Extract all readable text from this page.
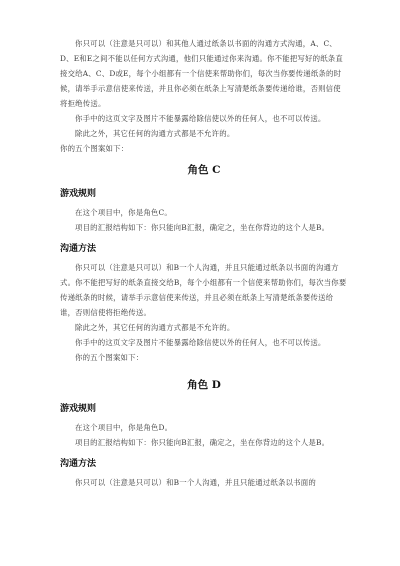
你只可以（注意是只可以）和其他人通过纸条以书面的沟通方式沟通，A、C、D、E和E之间不能以任何方式沟通，他们只能通过你来沟通。你不能把写好的纸条直接交给A、C、D或E，每个小组都有一个信使来帮助你们，每次当你要传递纸条的时候，请举手示意信使来传送，并且你必须在纸条上写清楚纸条要传递给谁，否则信使将拒绝传送。

你手中的这页文字及图片不能暴露给除信使以外的任何人，也不可以传送。

除此之外，其它任何的沟通方式都是不允许的。

你的五个图案如下：

角色 C
游戏规则

在这个项目中，你是角色C。

项目的汇报结构如下：你只能向B汇报，确定之，坐在你背边的这个人是B。

沟通方法

你只可以（注意是只可以）和B一个人沟通，并且只能通过纸条以书面的沟通方式。你不能把写好的纸条直接交给B，每个小组都有一个信使来帮助你们，每次当你要传递纸条的时候，请举手示意信使来传送，并且必须在纸条上写清楚纸条要传送给谁，否则信使将拒绝传送。

除此之外，其它任何的沟通方式都是不允许的。

你手中的这页文字及图片不能暴露给除信使以外的任何人，也不可以传送。

你的五个图案如下：

角色 D
游戏规则

在这个项目中，你是角色D。

项目的汇报结构如下：你只能向B汇报，确定之，坐在你背边的这个人是B。

沟通方法

你只可以（注意是只可以）和B一个人沟通，并且只能通过纸条以书面的
